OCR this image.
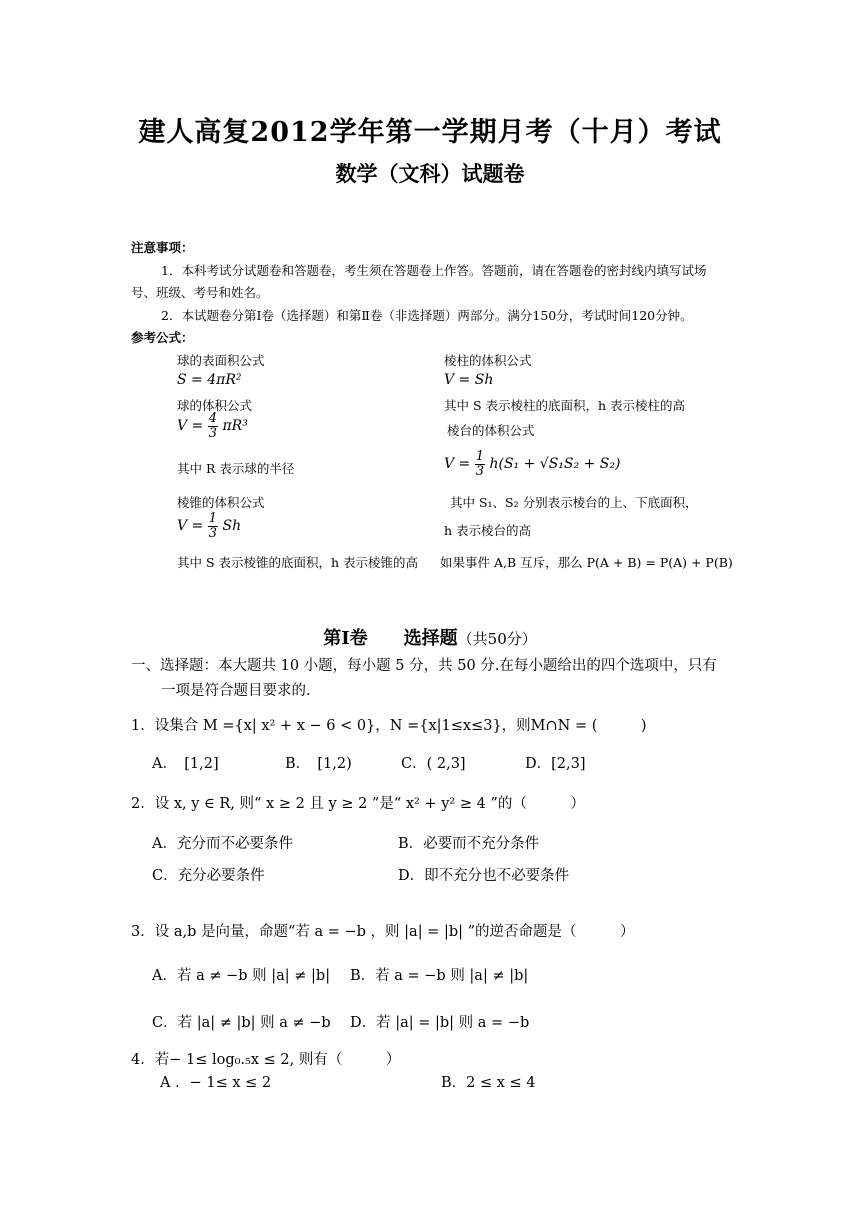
建人高复2012学年第一学期月考（十月）考试
数学（文科）试题卷
注意事项：
1．本科考试分试题卷和答题卷，考生须在答题卷上作答。答题前，请在答题卷的密封线内填写试场
号、班级、考号和姓名。
2．本试题卷分第Ⅰ卷（选择题）和第Ⅱ卷（非选择题）两部分。满分150分，考试时间120分钟。
参考公式：
球的表面积公式
S = 4πR²
球的体积公式
$V = \frac{4}{3} \pi R^3$
其中 R 表示球的半径
棱锥的体积公式
$V = \frac{1}{3}$ Sh
其中 S 表示棱锥的底面积，h 表示棱锥的高
棱柱的体积公式
V = Sh
其中 S 表示棱柱的底面积，h 表示棱柱的高
棱台的体积公式
$V = \frac{1}{3} h(S_1 + √S_1S_2 + S_2)$
其中 S₁、S₂ 分别表示棱台的上、下底面积，
h 表示棱台的高
如果事件 A,B 互斥，那么 P(A + B) = P(A) + P(B)
第Ⅰ卷　　选择题（共50分）
一、选择题：本大题共 10 小题，每小题 5 分，共 50 分.在每小题给出的四个选项中，只有
一项是符合题目要求的.
1．设集合 M ={x| x² + x − 6 < 0}，N ={x|1≤x≤3}，则M∩N = (　　　)
A．　[1,2]	B．　[1,2)	C．( 2,3]	D．[2,3]
2．设 x, y ∈ R, 则“ x ≥ 2 且 y ≥ 2 ”是“ x² + y² ≥ 4 ”的（　　　）
A．充分而不必要条件	B．必要而不充分条件
C．充分必要条件	D．即不充分也不必要条件
3．设 a,b 是向量，命题“若 a = −b ，则 |a| = |b| ”的逆否命题是（　　　）
A．若 a ≠ −b 则 |a| ≠ |b| B．若 a = −b 则 |a| ≠ |b|
C．若 |a| ≠ |b| 则 a ≠ −b D．若 |a| = |b| 则 a = −b
4．若− 1≤ log₀.₅x ≤ 2, 则有（　　　）
A ．− 1≤ x ≤ 2	B．2 ≤ x ≤ 4
